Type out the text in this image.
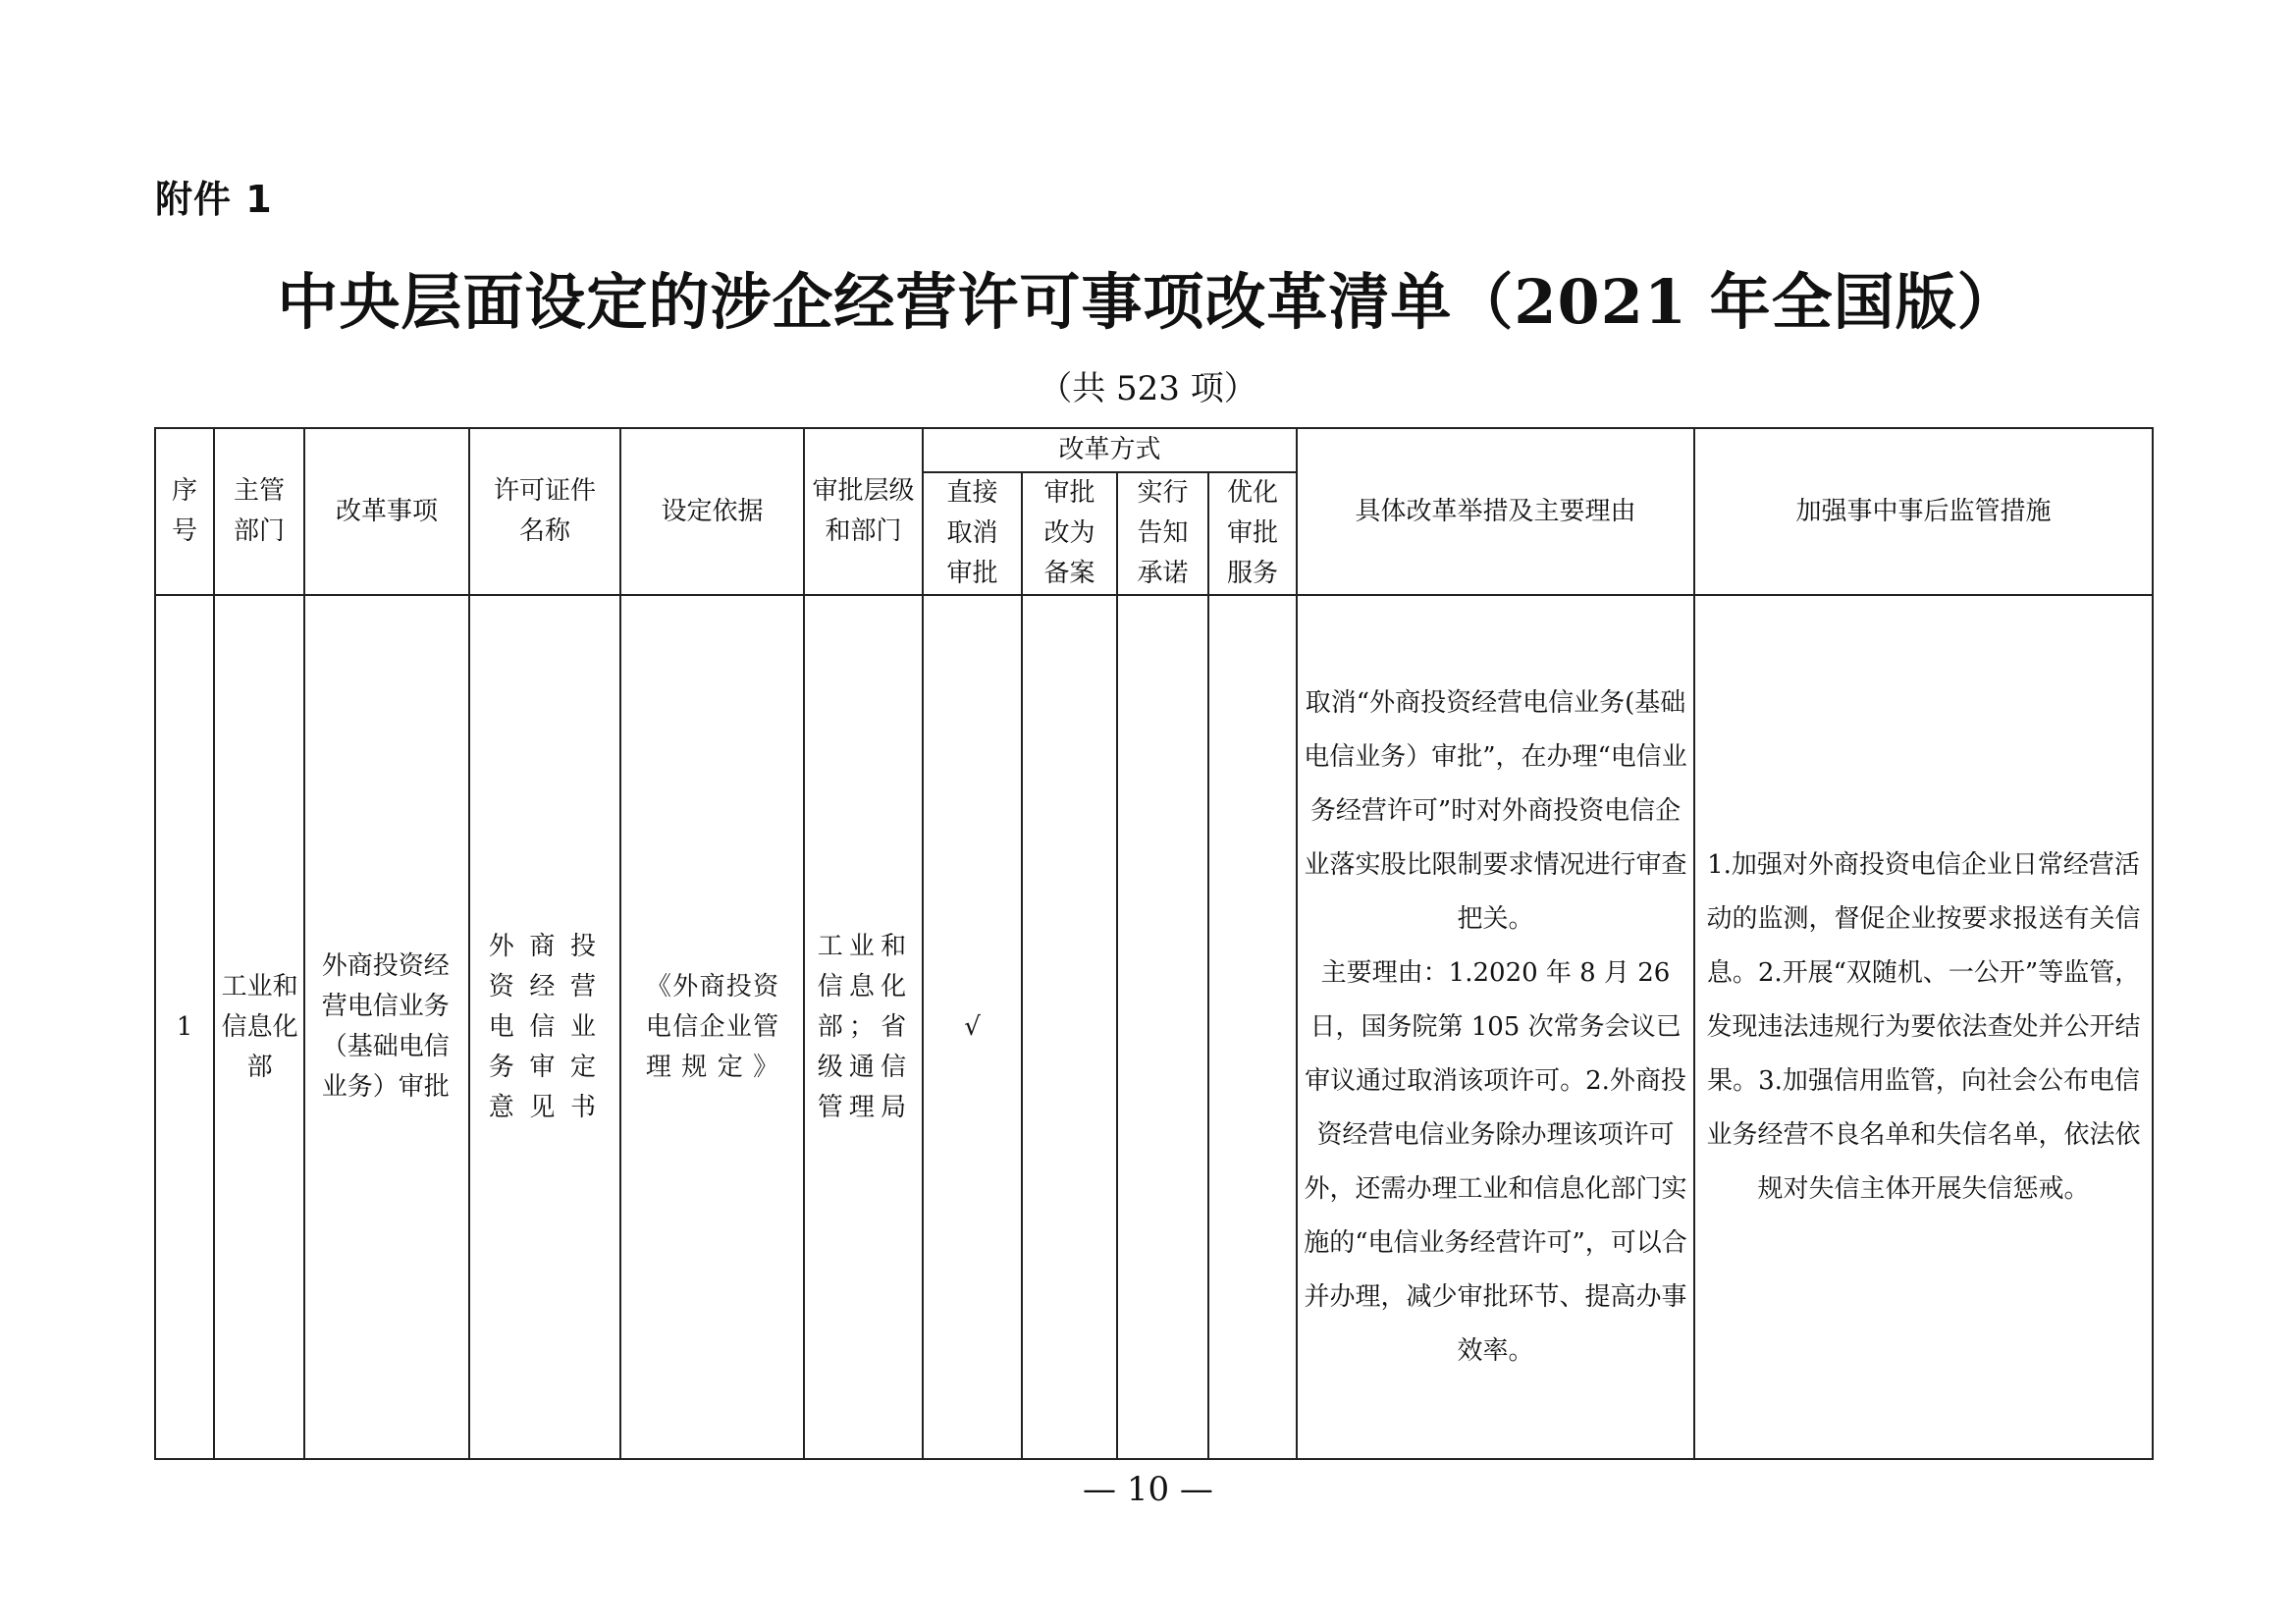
附件 1
中央层面设定的涉企经营许可事项改革清单（2021 年全国版）
（共 523 项）
序号	主管部门	改革事项	许可证件名称	设定依据	审批层级和部门	改革方式				具体改革举措及主要理由	加强事中事后监管措施

						直接取消审批	审批改为备案	实行告知承诺	优化审批服务		

1	工业和信息化部	外商投资经营电信业务（基础电信业务）审批	外商投资经营电信业务审定意见书	《外商投资电信企业管理规定》	工业和信息化部；省级通信管理局	√				取消“外商投资经营电信业务(基础电信业务）审批”，在办理“电信业务经营许可”时对外商投资电信企业落实股比限制要求情况进行审查把关。

主要理由：1.2020 年 8 月 26 日，国务院第 105 次常务会议已审议通过取消该项许可。2.外商投资经营电信业务除办理该项许可外，还需办理工业和信息化部门实施的“电信业务经营许可”，可以合并办理，减少审批环节、提高办事效率。	1.加强对外商投资电信企业日常经营活动的监测，督促企业按要求报送有关信息。2.开展“双随机、一公开”等监管，发现违法违规行为要依法查处并公开结果。3.加强信用监管，向社会公布电信业务经营不良名单和失信名单，依法依规对失信主体开展失信惩戒。

— 10 —
